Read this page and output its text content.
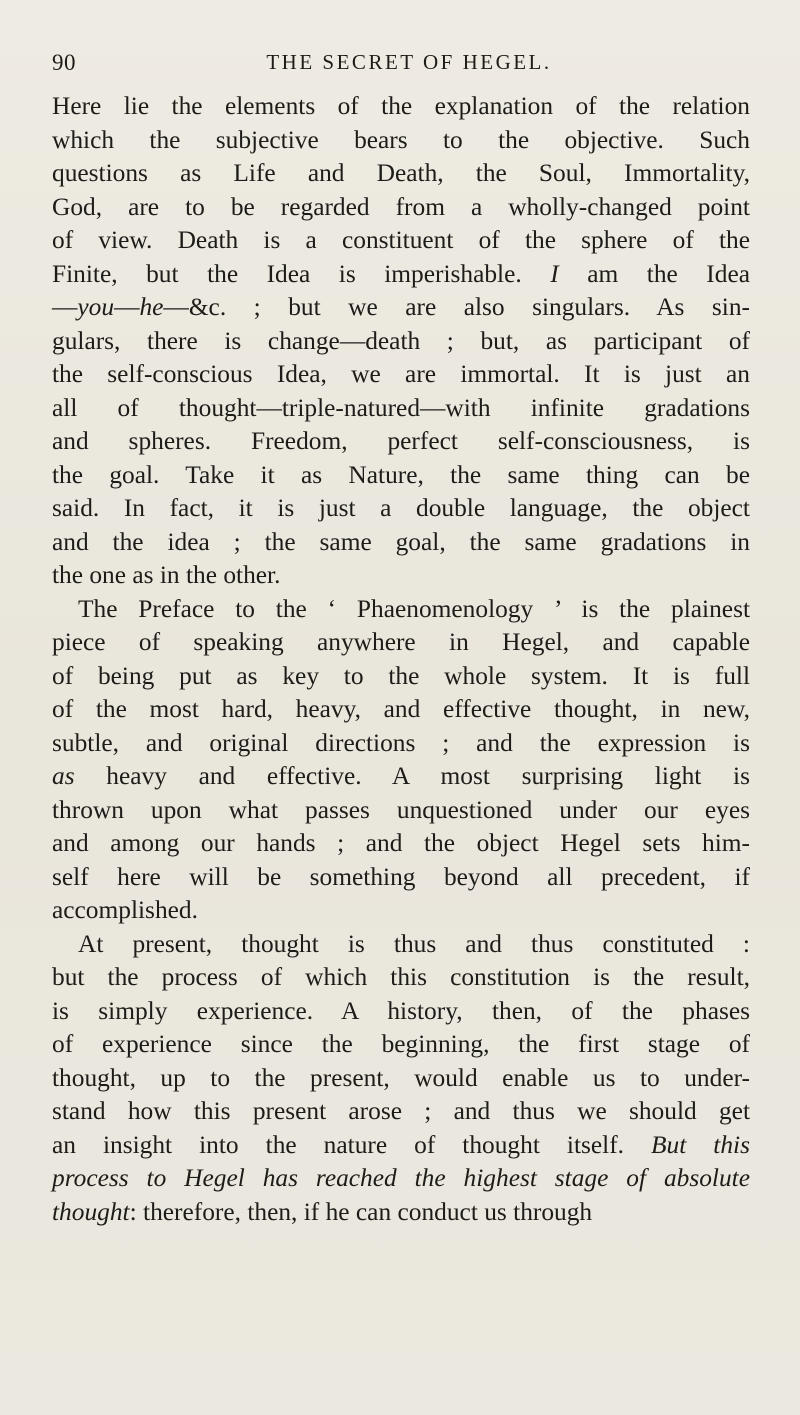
90	THE SECRET OF HEGEL.
Here lie the elements of the explanation of the relation
which the subjective bears to the objective. Such
questions as Life and Death, the Soul, Immortality,
God, are to be regarded from a wholly-changed point
of view. Death is a constituent of the sphere of the
Finite, but the Idea is imperishable. I am the Idea
—you—he—&c. ; but we are also singulars. As sin-
gulars, there is change—death ; but, as participant of
the self-conscious Idea, we are immortal. It is just an
all of thought—triple-natured—with infinite gradations
and spheres. Freedom, perfect self-consciousness, is
the goal. Take it as Nature, the same thing can be
said. In fact, it is just a double language, the object
and the idea ; the same goal, the same gradations in
the one as in the other.
The Preface to the ‘ Phaenomenology ’ is the plainest
piece of speaking anywhere in Hegel, and capable
of being put as key to the whole system. It is full
of the most hard, heavy, and effective thought, in new,
subtle, and original directions ; and the expression is
as heavy and effective. A most surprising light is
thrown upon what passes unquestioned under our eyes
and among our hands ; and the object Hegel sets him-
self here will be something beyond all precedent, if
accomplished.
At present, thought is thus and thus constituted :
but the process of which this constitution is the result,
is simply experience. A history, then, of the phases
of experience since the beginning, the first stage of
thought, up to the present, would enable us to under-
stand how this present arose ; and thus we should get
an insight into the nature of thought itself. But this
process to Hegel has reached the highest stage of absolute
thought: therefore, then, if he can conduct us through
